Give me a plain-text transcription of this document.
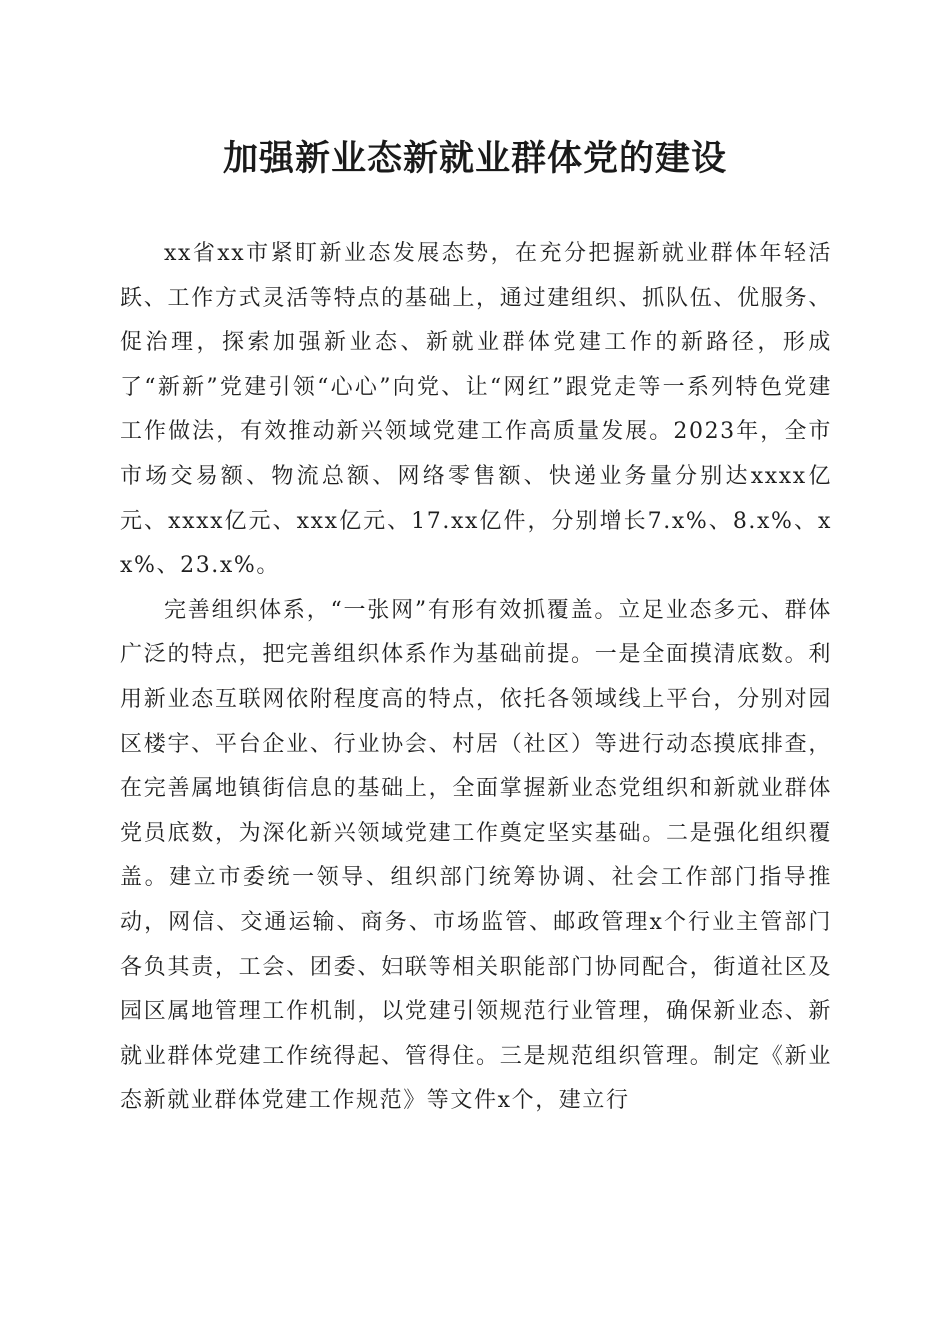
加强新业态新就业群体党的建设

xx省xx市紧盯新业态发展态势，在充分把握新就业群体年轻活跃、工作方式灵活等特点的基础上，通过建组织、抓队伍、优服务、促治理，探索加强新业态、新就业群体党建工作的新路径，形成了“新新”党建引领“心心”向党、让“网红”跟党走等一系列特色党建工作做法，有效推动新兴领域党建工作高质量发展。2023年，全市市场交易额、物流总额、网络零售额、快递业务量分别达xxxx亿元、xxxx亿元、xxx亿元、17.xx亿件，分别增长7.x%、8.x%、xx%、23.x%。

完善组织体系，“一张网”有形有效抓覆盖。立足业态多元、群体广泛的特点，把完善组织体系作为基础前提。一是全面摸清底数。利用新业态互联网依附程度高的特点，依托各领域线上平台，分别对园区楼宇、平台企业、行业协会、村居（社区）等进行动态摸底排查，在完善属地镇街信息的基础上，全面掌握新业态党组织和新就业群体党员底数，为深化新兴领域党建工作奠定坚实基础。二是强化组织覆盖。建立市委统一领导、组织部门统筹协调、社会工作部门指导推动，网信、交通运输、商务、市场监管、邮政管理x个行业主管部门各负其责，工会、团委、妇联等相关职能部门协同配合，街道社区及园区属地管理工作机制，以党建引领规范行业管理，确保新业态、新就业群体党建工作统得起、管得住。三是规范组织管理。制定《新业态新就业群体党建工作规范》等文件x个，建立行
